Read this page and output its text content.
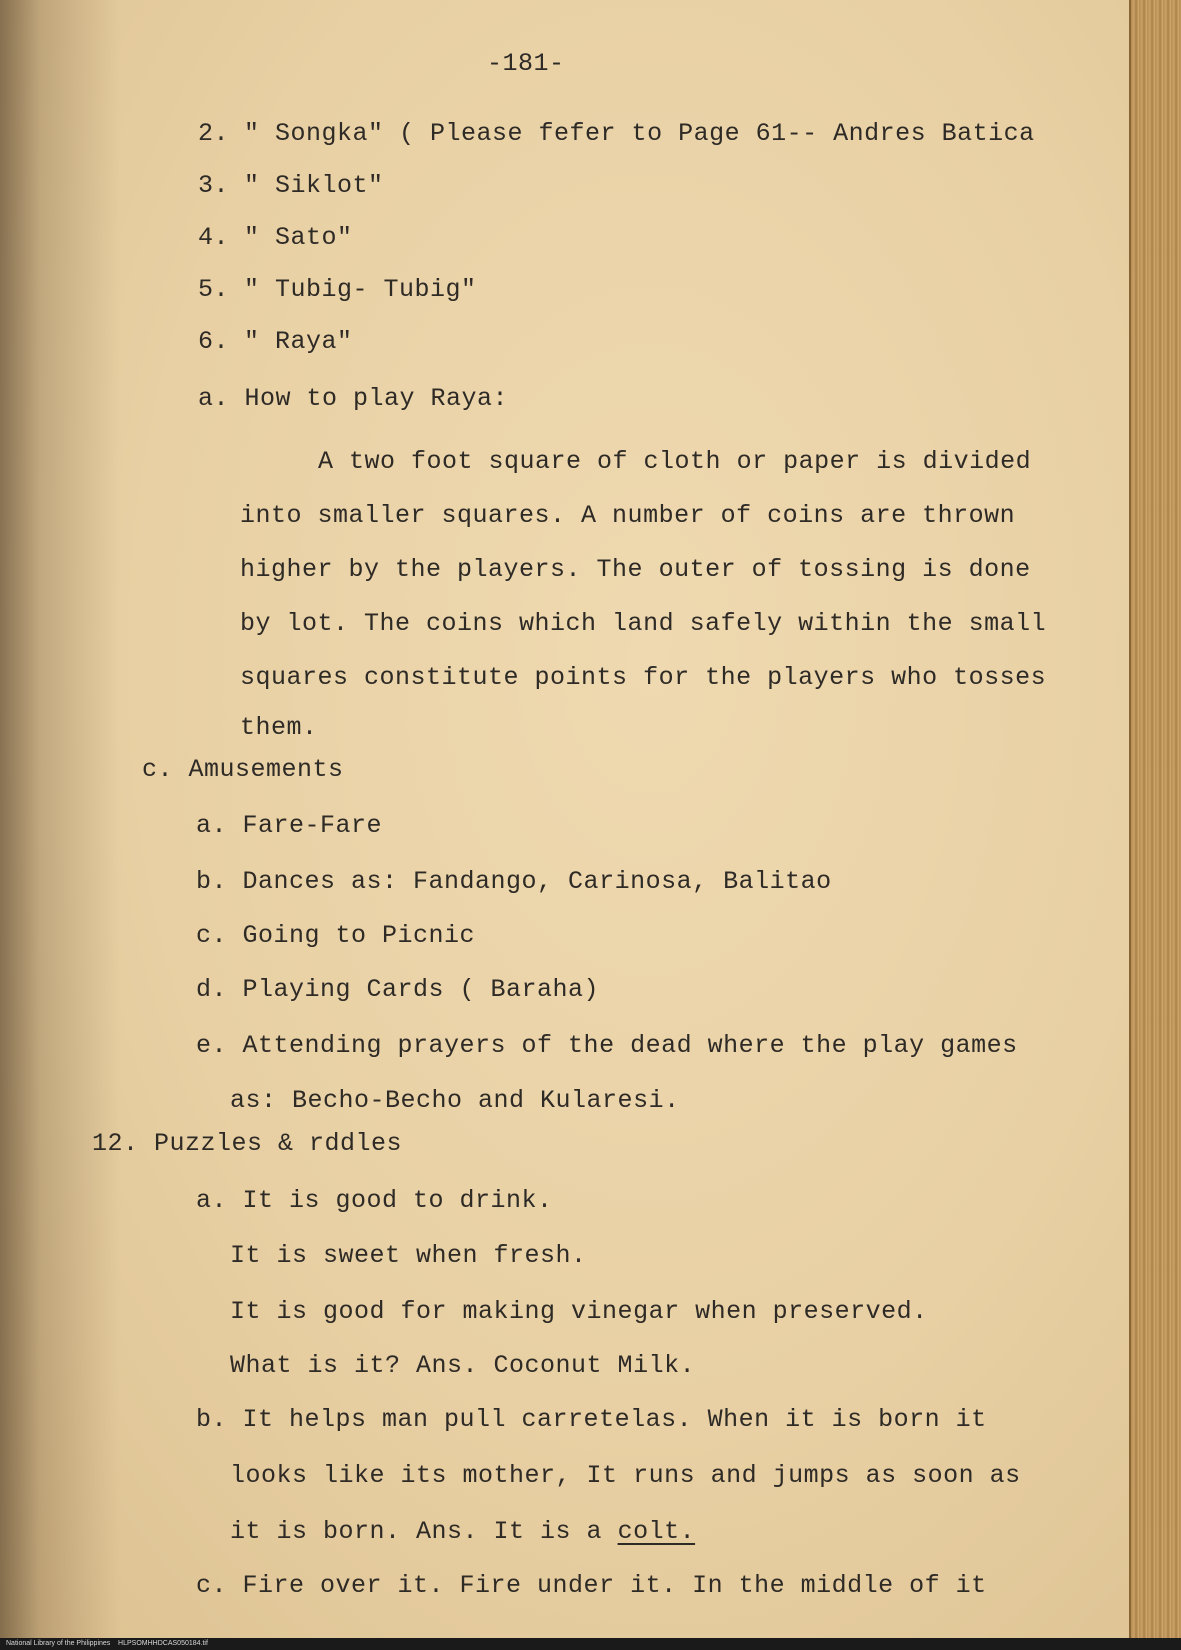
-181-
2. " Songka" ( Please fefer to Page 61-- Andres Batica
3. " Siklot"
4. " Sato"
5. " Tubig- Tubig"
6. " Raya"
a. How to play Raya:
A two foot square of cloth or paper is divided
into smaller squares. A number of coins are thrown
higher by the players. The outer of tossing is done
by lot. The coins which land safely within the small
squares constitute points for the players who tosses
them.
c. Amusements
a. Fare-Fare
b. Dances as: Fandango, Carinosa, Balitao
c. Going to Picnic
d. Playing Cards ( Baraha)
e. Attending prayers of the dead where the play games
as: Becho-Becho and Kularesi.
12. Puzzles & rddles
a. It is good to drink.
It is sweet when fresh.
It is good for making vinegar when preserved.
What is it? Ans. Coconut Milk.
b. It helps man pull carretelas. When it is born it
looks like its mother, It runs and jumps as soon as
it is born. Ans. It is a colt.
c. Fire over it. Fire under it. In the middle of it
National Library of the Philippines    HLPSOMHHDCAS050184.tif
